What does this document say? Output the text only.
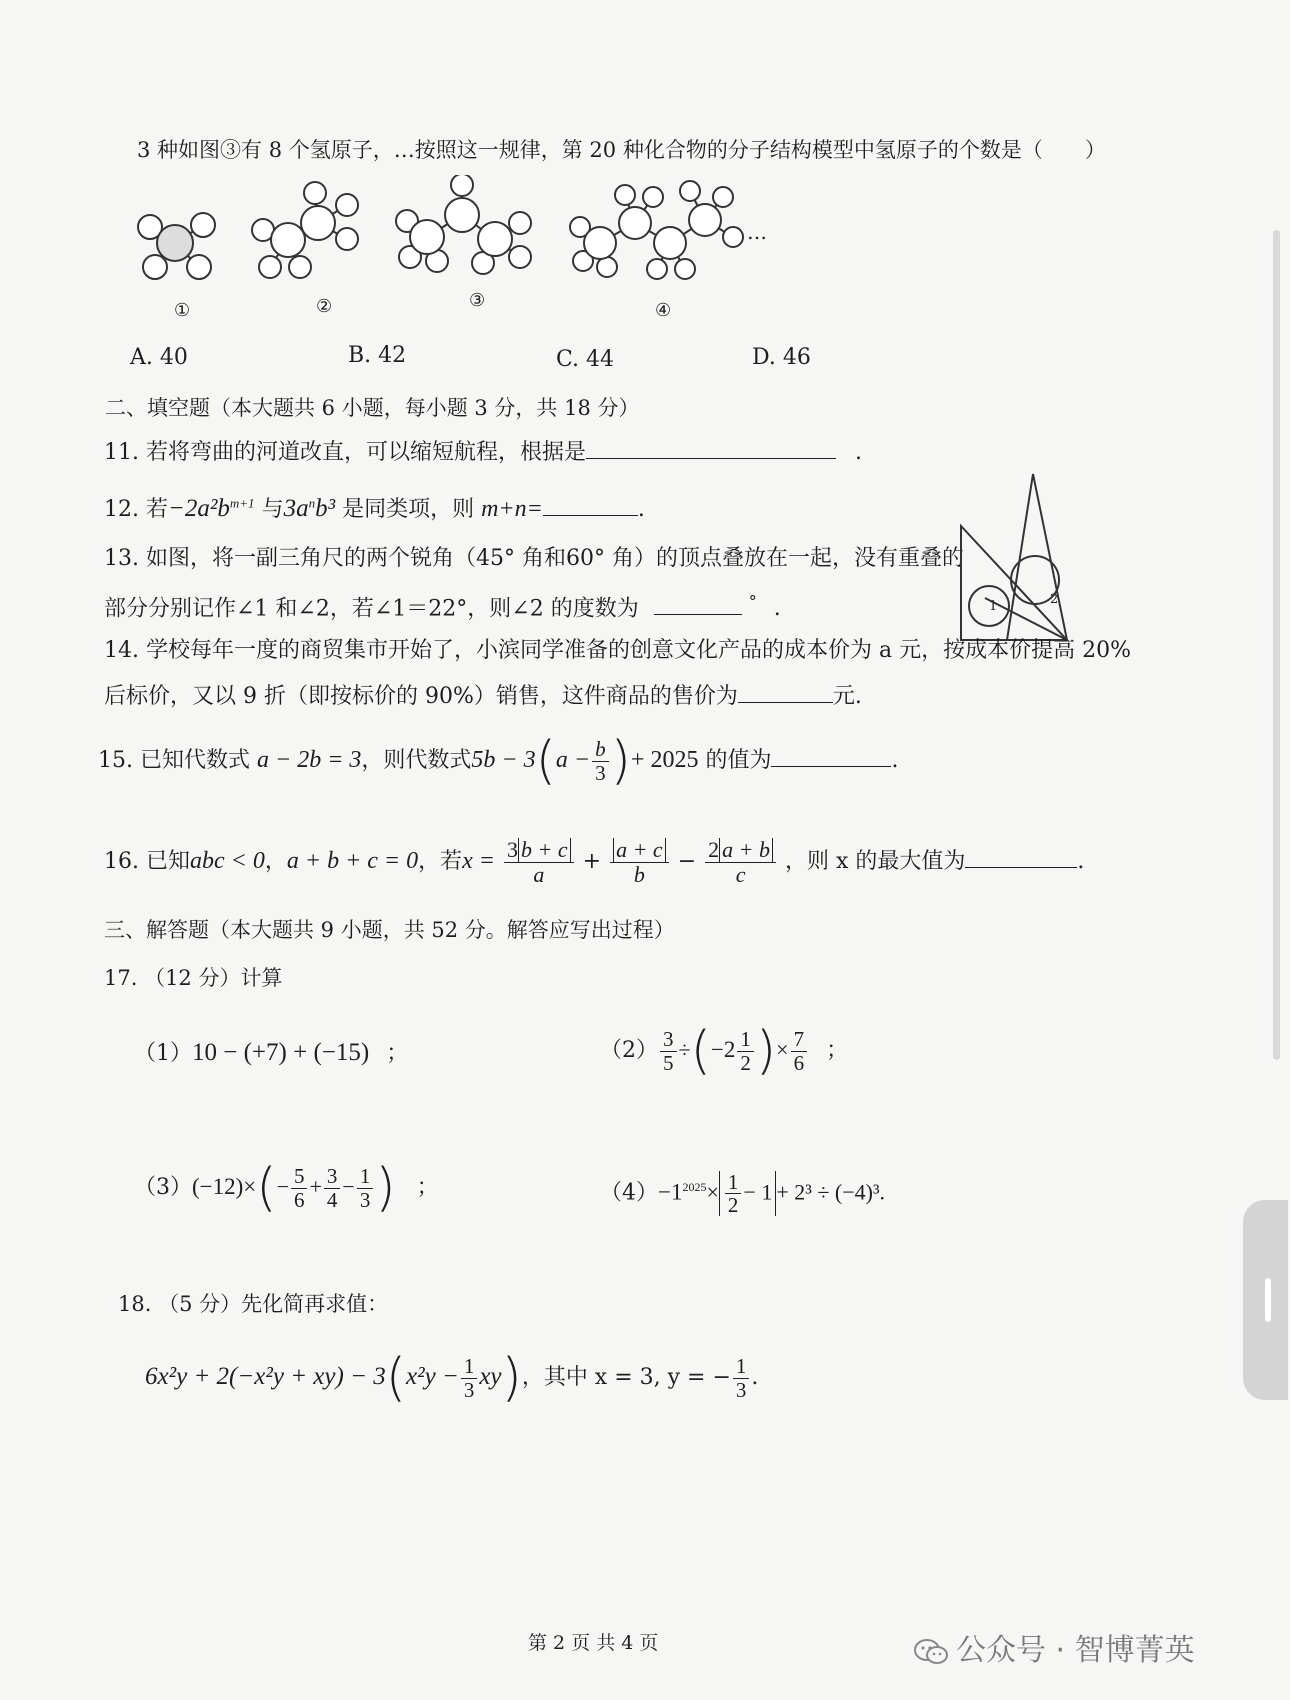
3 种如图③有 8 个氢原子，…按照这一规律，第 20 种化合物的分子结构模型中氢原子的个数是（　　）
…
①	②	③	④
A. 40	B. 42	C. 44	D. 46
二、填空题（本大题共 6 小题，每小题 3 分，共 18 分）
11. 若将弯曲的河道改直，可以缩短航程，根据是	.
12. 若$-2a^2b^{m+1}$ 与$3a^nb^3$ 是同类项，则 m+n=	.
13. 如图，将一副三角尺的两个锐角（45° 角和60° 角）的顶点叠放在一起，没有重叠的
部分分别记作∠1 和∠2，若∠1＝22°，则∠2 的度数为	° .	1	2
14. 学校每年一度的商贸集市开始了，小滨同学准备的创意文化产品的成本价为 a 元，按成本价提高 20%
后标价，又以 9 折（即按标价的 90%）销售，这件商品的售价为	元.
15. 已知代数式 a − 2b = 3，则代数式$5b - 3(a - \frac{b}{3}$ )+ 2025 的值为	.
16. 已知abc < 0，a + b + c = 0，若$x = \frac{3 b + c}{a} + \frac{a + c}{b} - \frac{2 a + b}{c}$ ，则 x 的最大值为	.
三、解答题（本大题共 9 小题，共 52 分。解答应写出过程）
17. （12 分）计算
（1）10 − (+7) + (−15) ；	$(2) \frac{3}{5} \div(-2 \frac{1}{2}$ )× $\frac{7}{6}$ ；
$(3)(-12)\times(- \frac{5}{6} + \frac{3}{4} - \frac{1}{3}$ ) ；	$(4)-1^{2025}\times \frac{1}{2} - 1 + 2^3 \div (-4)^3$.
18. （5 分）先化简再求值：
$6x^2y + 2(-x^2y + xy) - 3(x^2y - \frac{1}{3} xy)$，其中 x = 3, y = − $\frac{1}{3}$ .
第 2 页 共 4 页	公众号 · 智博菁英
